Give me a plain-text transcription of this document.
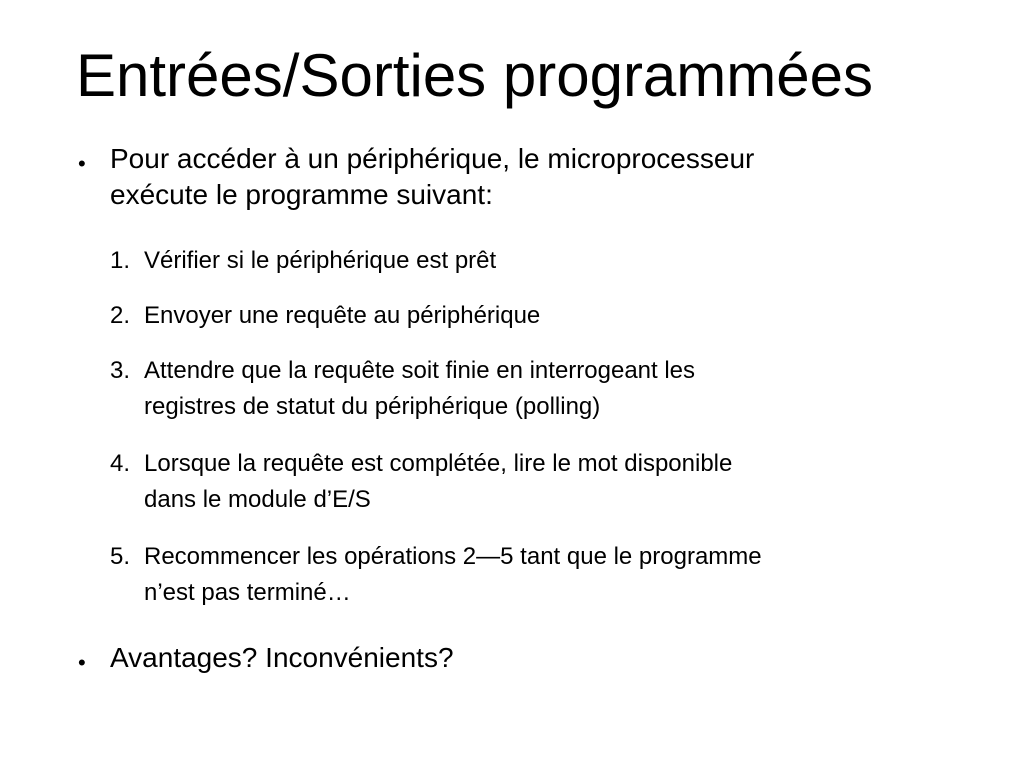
Entrées/Sorties programmées
• Pour accéder à un périphérique, le microprocesseur
exécute le programme suivant:
1. Vérifier si le périphérique est prêt
2. Envoyer une requête au périphérique
3. Attendre que la requête soit finie en interrogeant les
registres de statut du périphérique (polling)
4. Lorsque la requête est complétée, lire le mot disponible
dans le module d’E/S
5. Recommencer les opérations 2—5 tant que le programme
n’est pas terminé…
• Avantages? Inconvénients?
